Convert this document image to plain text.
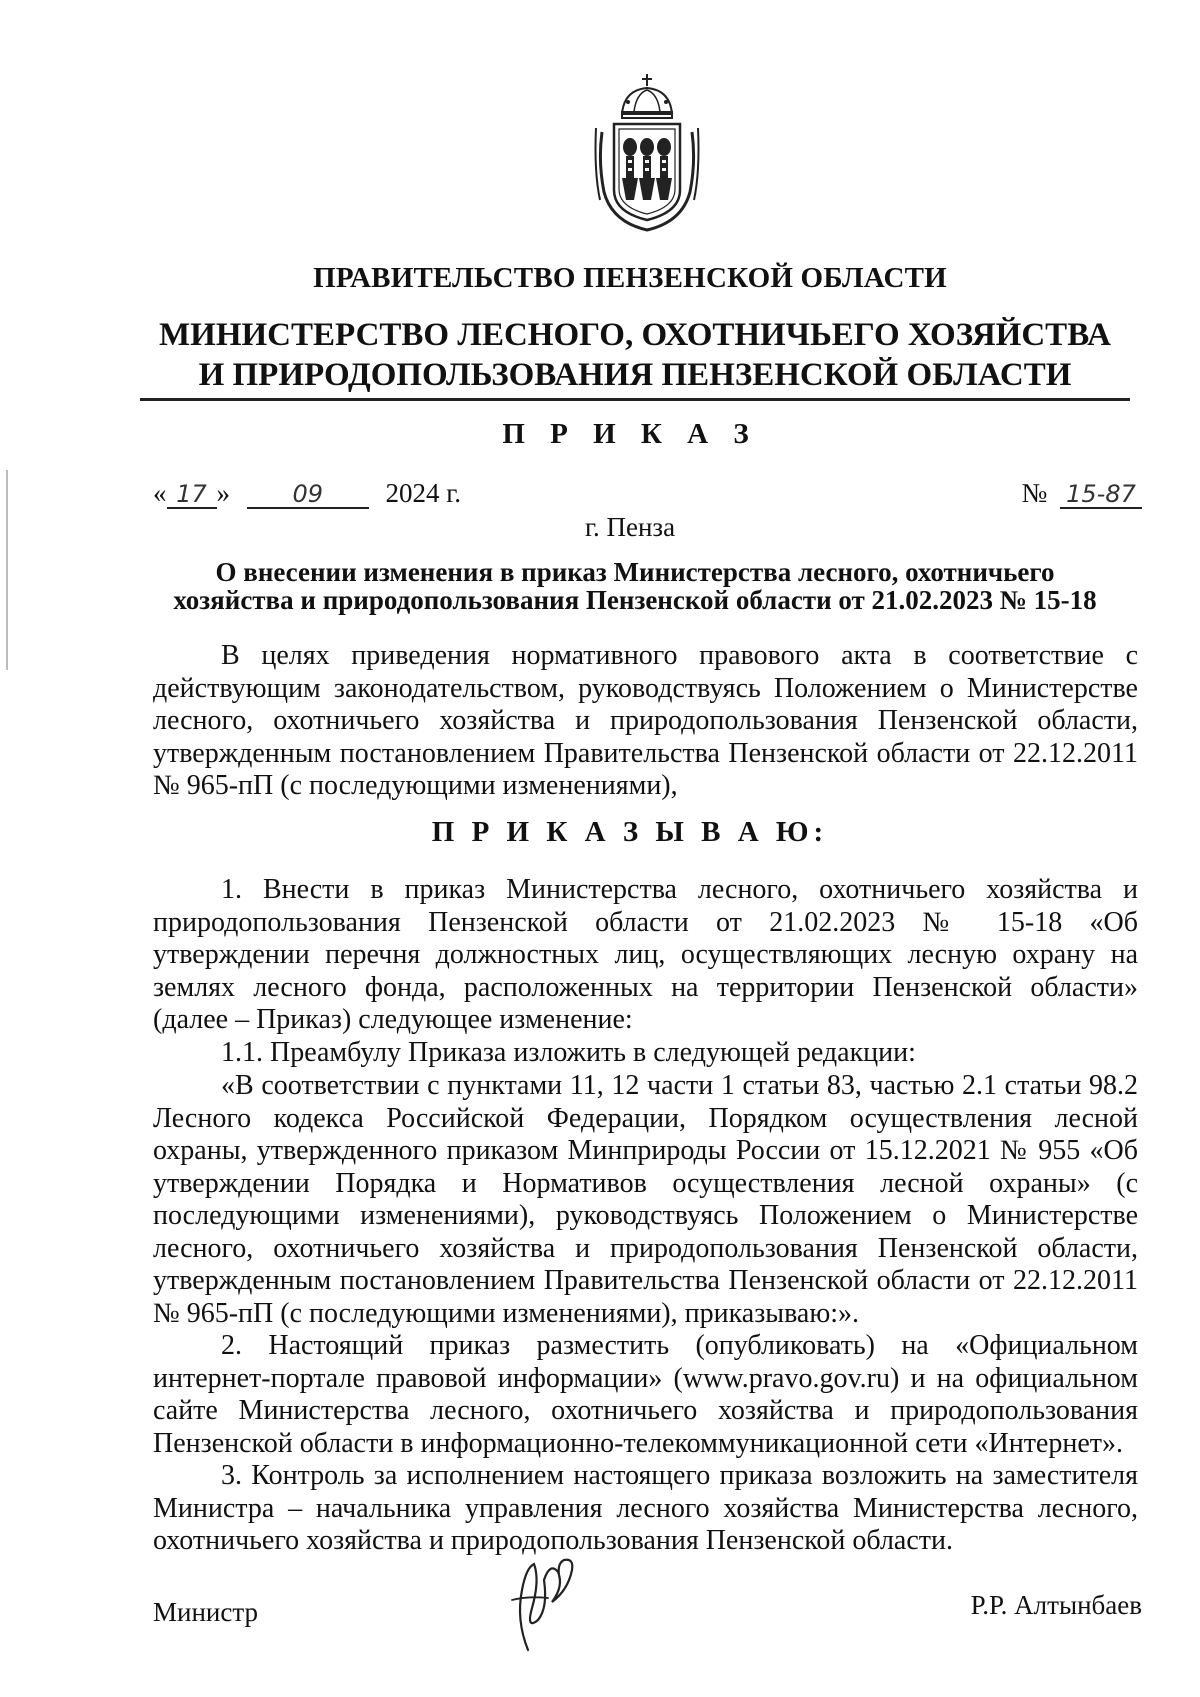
ПРАВИТЕЛЬСТВО ПЕНЗЕНСКОЙ ОБЛАСТИ
МИНИСТЕРСТВО ЛЕСНОГО, ОХОТНИЧЬЕГО ХОЗЯЙСТВА
И ПРИРОДОПОЛЬЗОВАНИЯ ПЕНЗЕНСКОЙ ОБЛАСТИ
П Р И К А З
« 17 »	09 2024 г.	№ 15-87
г. Пенза
О внесении изменения в приказ Министерства лесного, охотничьего
хозяйства и природопользования Пензенской области от 21.02.2023 № 15-18
В целях приведения нормативного правового акта в соответствие с действующим законодательством, руководствуясь Положением о Министерстве лесного, охотничьего хозяйства и природопользования Пензенской области, утвержденным постановлением Правительства Пензенской области от 22.12.2011 № 965-пП (с последующими изменениями),
П Р И К А З Ы В А Ю:
1. Внести в приказ Министерства лесного, охотничьего хозяйства и природопользования Пензенской области от 21.02.2023 № 15-18 «Об утверждении перечня должностных лиц, осуществляющих лесную охрану на землях лесного фонда, расположенных на территории Пензенской области» (далее – Приказ) следующее изменение:
1.1. Преамбулу Приказа изложить в следующей редакции:
«В соответствии с пунктами 11, 12 части 1 статьи 83, частью 2.1 статьи 98.2 Лесного кодекса Российской Федерации, Порядком осуществления лесной охраны, утвержденного приказом Минприроды России от 15.12.2021 № 955 «Об утверждении Порядка и Нормативов осуществления лесной охраны» (с последующими изменениями), руководствуясь Положением о Министерстве лесного, охотничьего хозяйства и природопользования Пензенской области, утвержденным постановлением Правительства Пензенской области от 22.12.2011 № 965-пП (с последующими изменениями), приказываю:».
2. Настоящий приказ разместить (опубликовать) на «Официальном интернет-портале правовой информации» (www.pravo.gov.ru) и на официальном сайте Министерства лесного, охотничьего хозяйства и природопользования Пензенской области в информационно-телекоммуникационной сети «Интернет».
3. Контроль за исполнением настоящего приказа возложить на заместителя Министра – начальника управления лесного хозяйства Министерства лесного, охотничьего хозяйства и природопользования Пензенской области.
Министр	Р.Р. Алтынбаев
